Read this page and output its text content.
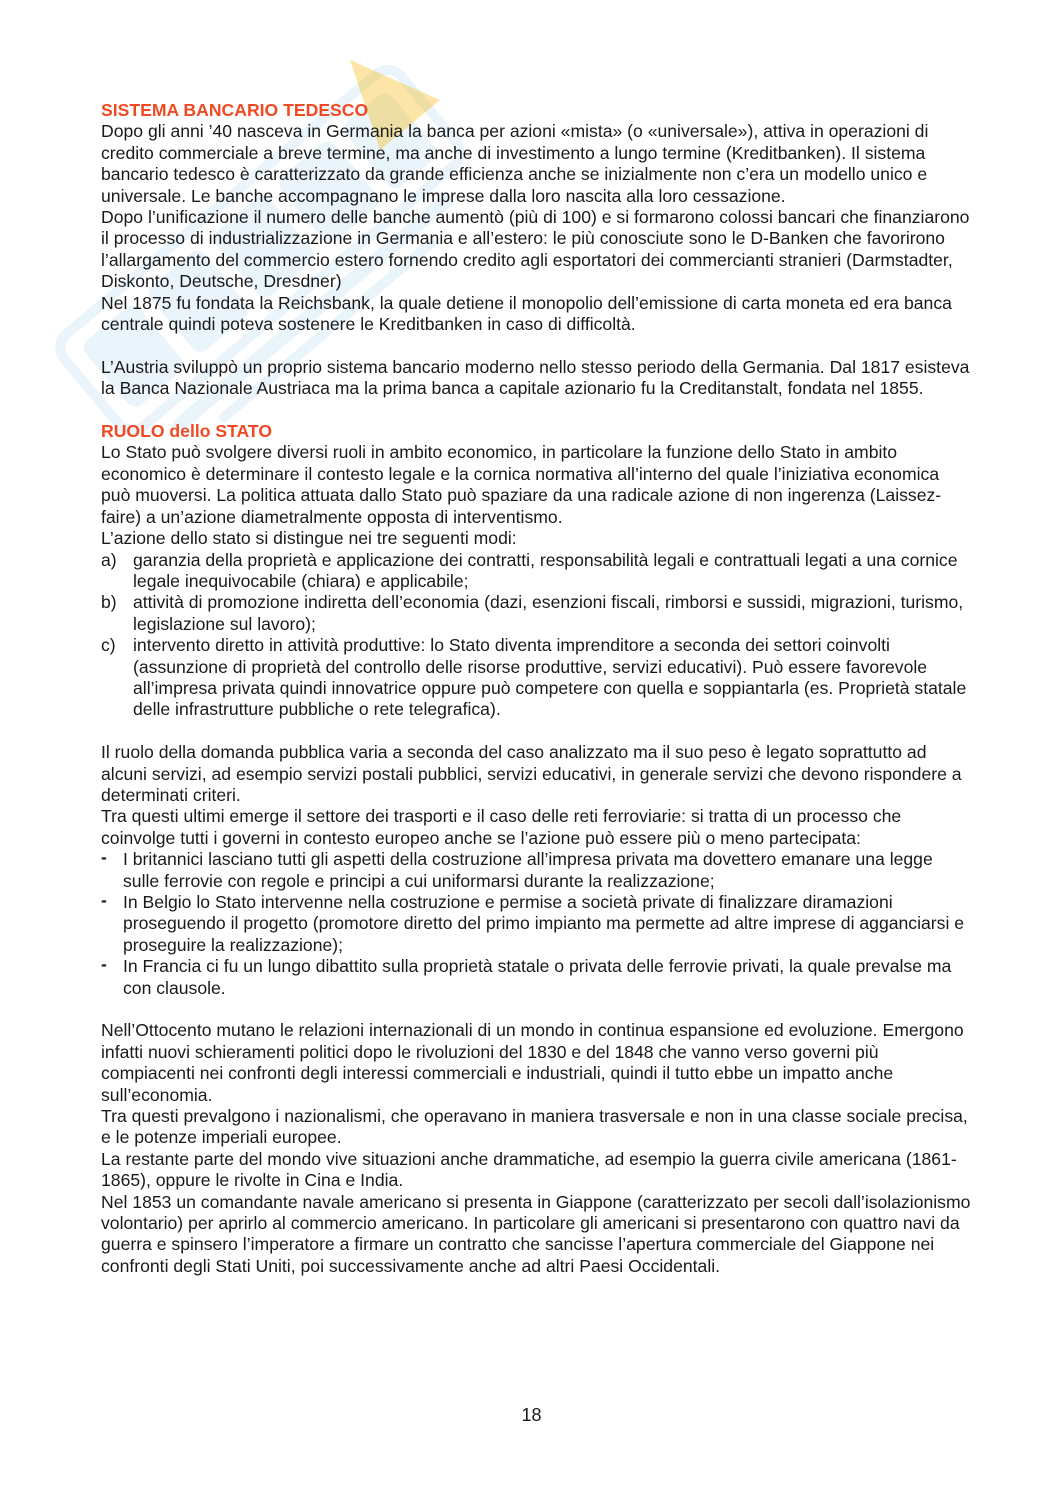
SISTEMA BANCARIO TEDESCO

Dopo gli anni ’40 nasceva in Germania la banca per azioni «mista» (o «universale»), attiva in operazioni di credito commerciale a breve termine, ma anche di investimento a lungo termine (Kreditbanken). Il sistema bancario tedesco è caratterizzato da grande efficienza anche se inizialmente non c’era un modello unico e universale. Le banche accompagnano le imprese dalla loro nascita alla loro cessazione.

Dopo l’unificazione il numero delle banche aumentò (più di 100) e si formarono colossi bancari che finanziarono il processo di industrializzazione in Germania e all’estero: le più conosciute sono le D-Banken che favorirono l’allargamento del commercio estero fornendo credito agli esportatori dei commercianti stranieri (Darmstadter, Diskonto, Deutsche, Dresdner)

Nel 1875 fu fondata la Reichsbank, la quale detiene il monopolio dell’emissione di carta moneta ed era banca centrale quindi poteva sostenere le Kreditbanken in caso di difficoltà.

L’Austria sviluppò un proprio sistema bancario moderno nello stesso periodo della Germania. Dal 1817 esisteva la Banca Nazionale Austriaca ma la prima banca a capitale azionario fu la Creditanstalt, fondata nel 1855.

RUOLO dello STATO

Lo Stato può svolgere diversi ruoli in ambito economico, in particolare la funzione dello Stato in ambito economico è determinare il contesto legale e la cornica normativa all’interno del quale l’iniziativa economica può muoversi. La politica attuata dallo Stato può spaziare da una radicale azione di non ingerenza (Laissez-faire) a un’azione diametralmente opposta di interventismo.

L’azione dello stato si distingue nei tre seguenti modi:

a) garanzia della proprietà e applicazione dei contratti, responsabilità legali e contrattuali legati a una cornice legale inequivocabile (chiara) e applicabile;
b) attività di promozione indiretta dell’economia (dazi, esenzioni fiscali, rimborsi e sussidi, migrazioni, turismo, legislazione sul lavoro);
c) intervento diretto in attività produttive: lo Stato diventa imprenditore a seconda dei settori coinvolti (assunzione di proprietà del controllo delle risorse produttive, servizi educativi). Può essere favorevole all’impresa privata quindi innovatrice oppure può competere con quella e soppiantarla (es. Proprietà statale delle infrastrutture pubbliche o rete telegrafica).

Il ruolo della domanda pubblica varia a seconda del caso analizzato ma il suo peso è legato soprattutto ad alcuni servizi, ad esempio servizi postali pubblici, servizi educativi, in generale servizi che devono rispondere a determinati criteri.

Tra questi ultimi emerge il settore dei trasporti e il caso delle reti ferroviarie: si tratta di un processo che coinvolge tutti i governi in contesto europeo anche se l’azione può essere più o meno partecipata:

- I britannici lasciano tutti gli aspetti della costruzione all’impresa privata ma dovettero emanare una legge sulle ferrovie con regole e principi a cui uniformarsi durante la realizzazione;
- In Belgio lo Stato intervenne nella costruzione e permise a società private di finalizzare diramazioni proseguendo il progetto (promotore diretto del primo impianto ma permette ad altre imprese di agganciarsi e proseguire la realizzazione);
- In Francia ci fu un lungo dibattito sulla proprietà statale o privata delle ferrovie privati, la quale prevalse ma con clausole.

Nell’Ottocento mutano le relazioni internazionali di un mondo in continua espansione ed evoluzione. Emergono infatti nuovi schieramenti politici dopo le rivoluzioni del 1830 e del 1848 che vanno verso governi più compiacenti nei confronti degli interessi commerciali e industriali, quindi il tutto ebbe un impatto anche sull’economia.

Tra questi prevalgono i nazionalismi, che operavano in maniera trasversale e non in una classe sociale precisa, e le potenze imperiali europee.

La restante parte del mondo vive situazioni anche drammatiche, ad esempio la guerra civile americana (1861-1865), oppure le rivolte in Cina e India.

Nel 1853 un comandante navale americano si presenta in Giappone (caratterizzato per secoli dall’isolazionismo volontario) per aprirlo al commercio americano. In particolare gli americani si presentarono con quattro navi da guerra e spinsero l’imperatore a firmare un contratto che sancisse l’apertura commerciale del Giappone nei confronti degli Stati Uniti, poi successivamente anche ad altri Paesi Occidentali.

18
